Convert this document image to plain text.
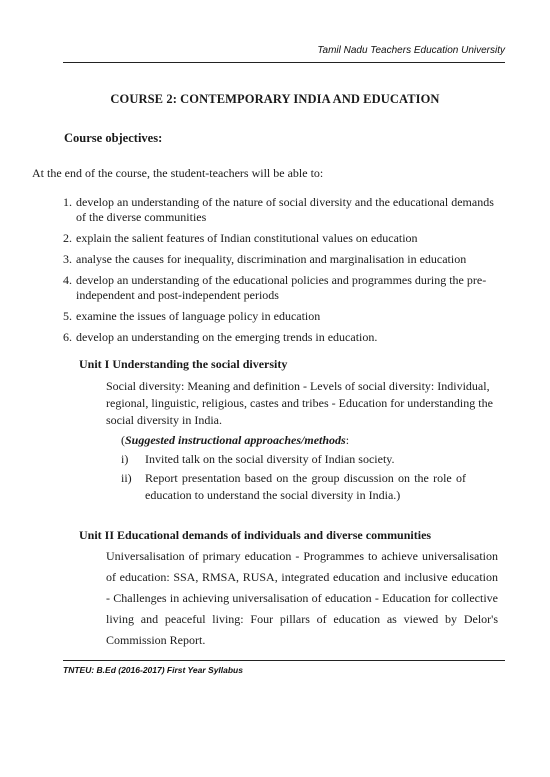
Tamil Nadu Teachers Education University
COURSE 2: CONTEMPORARY INDIA AND EDUCATION
Course objectives:
At the end of the course, the student-teachers will be able to:
1. develop an understanding of the nature of social diversity and the educational demands of the diverse communities
2. explain the salient features of Indian constitutional values on education
3. analyse the causes for inequality, discrimination and marginalisation in education
4. develop an understanding of the educational policies and programmes during the pre-independent and post-independent periods
5. examine the issues of language policy in education
6. develop an understanding on the emerging trends in education.
Unit I Understanding the social diversity
Social diversity: Meaning and definition - Levels of social diversity: Individual, regional, linguistic, religious, castes and tribes - Education for understanding the social diversity in India.
(Suggested instructional approaches/methods:
i) Invited talk on the social diversity of Indian society.
ii) Report presentation based on the group discussion on the role of education to understand the social diversity in India.)
Unit II Educational demands of individuals and diverse communities
Universalisation of primary education - Programmes to achieve universalisation of education: SSA, RMSA, RUSA, integrated education and inclusive education - Challenges in achieving universalisation of education - Education for collective living and peaceful living: Four pillars of education as viewed by Delor's Commission Report.
TNTEU: B.Ed (2016-2017) First Year Syllabus
